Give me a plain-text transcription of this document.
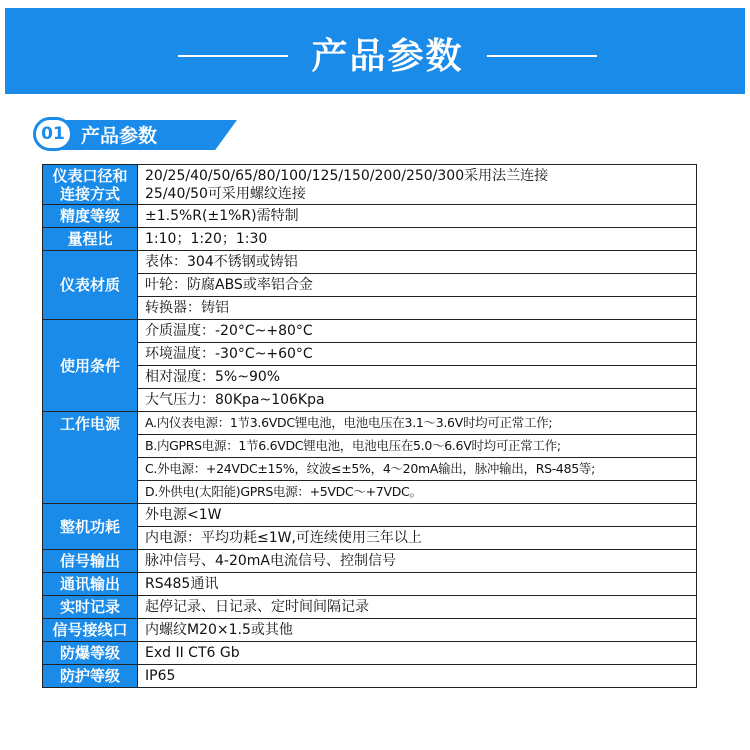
产品参数
01 产品参数
仪表口径和连接方式	20/25/40/50/65/80/100/125/150/200/250/300采用法兰连接
25/40/50可采用螺纹连接

精度等级	±1.5%R(±1%R)需特制
量程比	1:10；1:20；1:30
仪表材质	表体：304不锈钢或铸铝
	叶轮：防腐ABS或率铝合金
	转换器：铸铝
使用条件	介质温度：-20°C~+80°C
	环境温度：-30°C~+60°C
	相对湿度：5%~90%
	大气压力：80Kpa~106Kpa
工作电源	A.内仪表电源：1节3.6VDC锂电池，电池电压在3.1～3.6V时均可正常工作;
	B.内GPRS电源：1节6.6VDC锂电池，电池电压在5.0～6.6V时均可正常工作;
	C.外电源：+24VDC±15%，纹波≤±5%，4～20mA输出，脉冲输出，RS-485等;
	D.外供电(太阳能)GPRS电源：+5VDC～+7VDC。
整机功耗	外电源<1W
	内电源：平均功耗≤1W,可连续使用三年以上
信号输出	脉冲信号、4-20mA电流信号、控制信号
通讯输出	RS485通讯
实时记录	起停记录、日记录、定时间间隔记录
信号接线口	内螺纹M20×1.5或其他
防爆等级	Exd II CT6 Gb
防护等级	IP65
